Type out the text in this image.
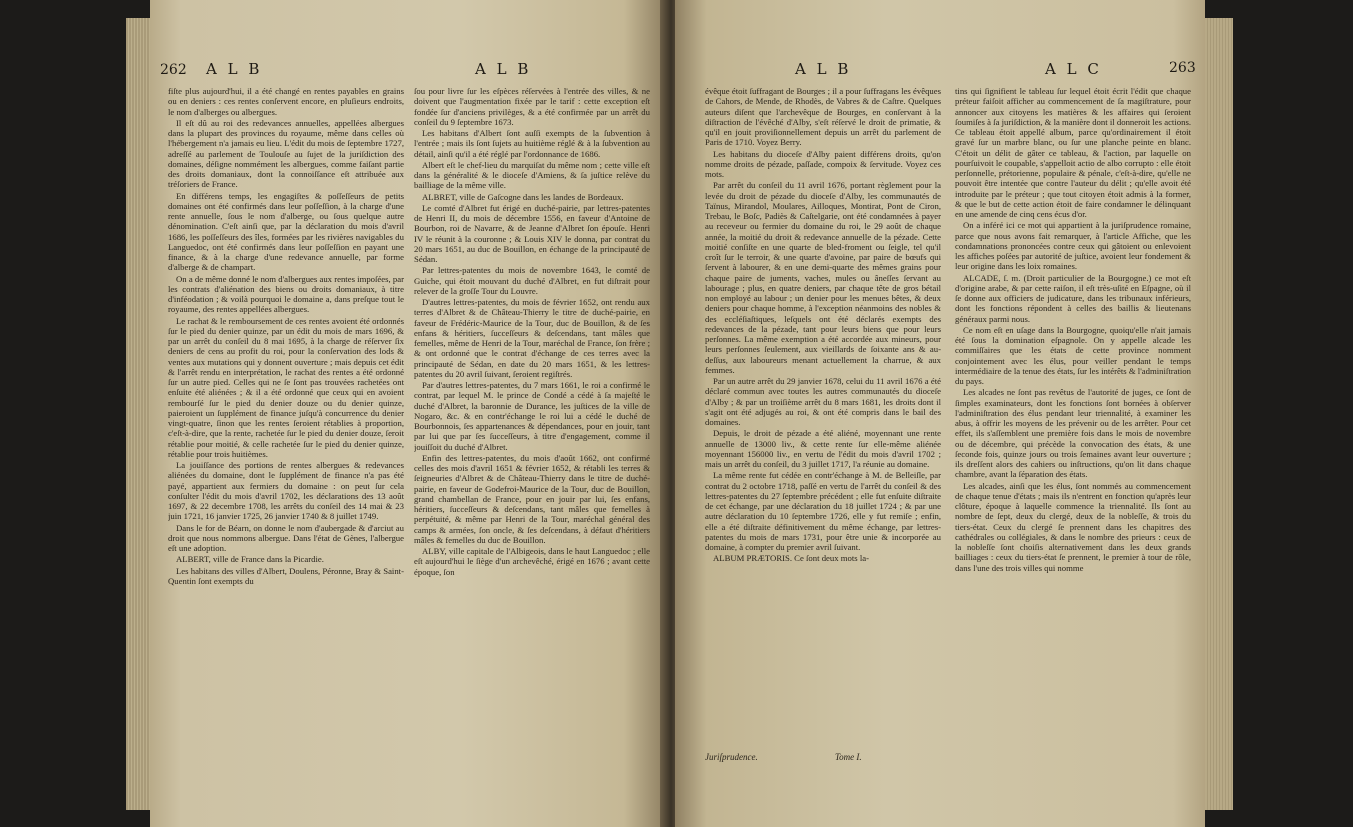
262 A L B	A L B

fiſte plus aujourd'hui, il a été changé en rentes payables en grains ou en deniers : ces rentes conſervent encore, en pluſieurs endroits, le nom d'alberges ou albergues.

Il eſt dû au roi des redevances annuelles, appellées albergues dans la plupart des provinces du royaume, même dans celles où l'hébergement n'a jamais eu lieu. L'édit du mois de ſeptembre 1727, adreſſé au parlement de Toulouſe au ſujet de la juriſdiction des domaines, déſigne nommément les albergues, comme faiſant partie des droits domaniaux, dont la connoiſſance eſt attribuée aux tréſoriers de France.

En différens temps, les engagiſtes & poſſeſſeurs de petits domaines ont été confirmés dans leur poſſeſſion, à la charge d'une rente annuelle, ſous le nom d'alberge, ou ſous quelque autre dénomination. C'eſt ainſi que, par la déclaration du mois d'avril 1686, les poſſeſſeurs des îles, formées par les rivières navigables du Languedoc, ont été confirmés dans leur poſſeſſion en payant une finance, & à la charge d'une redevance annuelle, par forme d'alberge & de champart.

On a de même donné le nom d'albergues aux rentes impoſées, par les contrats d'aliénation des biens ou droits domaniaux, à titre d'inféodation ; & voilà pourquoi le domaine a, dans preſque tout le royaume, des rentes appellées albergues.

Le rachat & le remboursement de ces rentes avoient été ordonnés ſur le pied du denier quinze, par un édit du mois de mars 1696, & par un arrêt du conſeil du 8 mai 1695, à la charge de réſerver ſix deniers de cens au profit du roi, pour la conſervation des lods & ventes aux mutations qui y donnent ouverture ; mais depuis cet édit & l'arrêt rendu en interprétation, le rachat des rentes a été ordonné ſur un autre pied. Celles qui ne ſe ſont pas trouvées rachetées ont enſuite été aliénées ; & il a été ordonné que ceux qui en avoient rembourſé ſur le pied du denier douze ou du denier quinze, paieroient un ſupplément de finance juſqu'à concurrence du denier vingt-quatre, ſinon que les rentes ſeroient rétablies à proportion, c'eſt-à-dire, que la rente, rachetée ſur le pied du denier douze, ſeroit rétablie pour moitié, & celle rachetée ſur le pied du denier quinze, rétablie pour trois huitièmes.

La jouiſſance des portions de rentes albergues & redevances aliénées du domaine, dont le ſupplément de finance n'a pas été payé, appartient aux fermiers du domaine : on peut ſur cela conſulter l'édit du mois d'avril 1702, les déclarations des 13 août 1697, & 22 decembre 1708, les arrêts du conſeil des 14 mai & 23 juin 1721, 16 janvier 1725, 26 janvier 1740 & 8 juillet 1749.

Dans le for de Béarn, on donne le nom d'aubergade & d'arciut au droit que nous nommons albergue. Dans l'état de Gènes, l'albergue eſt une adoption.

ALBERT, ville de France dans la Picardie.

Les habitans des villes d'Albert, Doulens, Péronne, Bray & Saint-Quentin ſont exempts du

ſou pour livre ſur les eſpèces réſervées à l'entrée des villes, & ne doivent que l'augmentation fixée par le tarif : cette exception eſt fondée ſur d'anciens privilèges, & a été confirmée par un arrêt du conſeil du 9 ſeptembre 1673.

Les habitans d'Albert ſont auſſi exempts de la ſubvention à l'entrée ; mais ils ſont ſujets au huitième réglé & à la ſubvention au détail, ainſi qu'il a été réglé par l'ordonnance de 1686.

Albert eſt le chef-lieu du marquiſat du même nom ; cette ville eſt dans la généralité & le dioceſe d'Amiens, & ſa juſtice relève du bailliage de la même ville.

ALBRET, ville de Gaſcogne dans les landes de Bordeaux.

Le comté d'Albret fut érigé en duché-pairie, par lettres-patentes de Henri II, du mois de décembre 1556, en faveur d'Antoine de Bourbon, roi de Navarre, & de Jeanne d'Albret ſon épouſe. Henri IV le réunit à la couronne ; & Louis XIV le donna, par contrat du 20 mars 1651, au duc de Bouillon, en échange de la principauté de Sédan.

Par lettres-patentes du mois de novembre 1643, le comté de Guiche, qui étoit mouvant du duché d'Albret, en fut diſtrait pour relever de la groſſe Tour du Louvre.

D'autres lettres-patentes, du mois de février 1652, ont rendu aux terres d'Albret & de Château-Thierry le titre de duché-pairie, en faveur de Frédéric-Maurice de la Tour, duc de Bouillon, & de ſes enfans & héritiers, ſucceſſeurs & deſcendans, tant mâles que femelles, même de Henri de la Tour, maréchal de France, ſon frère ; & ont ordonné que le contrat d'échange de ces terres avec la principauté de Sédan, en date du 20 mars 1651, & les lettres-patentes du 20 avril ſuivant, ſeroient regiſtrés.

Par d'autres lettres-patentes, du 7 mars 1661, le roi a confirmé le contrat, par lequel M. le prince de Condé a cédé à ſa majeſté le duché d'Albret, la baronnie de Durance, les juſtices de la ville de Nogaro, &c. & en contr'échange le roi lui a cédé le duché de Bourbonnois, ſes appartenances & dépendances, pour en jouir, tant par lui que par ſes ſucceſſeurs, à titre d'engagement, comme il jouiſſoit du duché d'Albret.

Enfin des lettres-patentes, du mois d'août 1662, ont confirmé celles des mois d'avril 1651 & février 1652, & rétabli les terres & ſeigneuries d'Albret & de Château-Thierry dans le titre de duché-pairie, en faveur de Godefroi-Maurice de la Tour, duc de Bouillon, grand chambellan de France, pour en jouir par lui, ſes enfans, héritiers, ſucceſſeurs & deſcendans, tant mâles que femelles à perpétuité, & même par Henri de la Tour, maréchal général des camps & armées, ſon oncle, & ſes deſcendans, à défaut d'héritiers mâles & femelles du duc de Bouillon.

ALBY, ville capitale de l'Albigeois, dans le haut Languedoc ; elle eſt aujourd'hui le ſiège d'un archevêché, érigé en 1676 ; avant cette époque, ſon

A L B	A L C	263

évêque étoit ſuffragant de Bourges ; il a pour ſuffragans les évêques de Cahors, de Mende, de Rhodès, de Vabres & de Caſtre. Quelques auteurs diſent que l'archevêque de Bourges, en conſervant à la diſtraction de l'évêché d'Alby, s'eſt réſervé le droit de primatie, & qu'il en jouit proviſionnellement depuis un arrêt du parlement de Paris de 1710. Voyez Berry.

Les habitans du dioceſe d'Alby paient différens droits, qu'on nomme droits de pézade, paſſade, compoix & ſervitude. Voyez ces mots.

Par arrêt du conſeil du 11 avril 1676, portant règlement pour la levée du droit de pézade du dioceſe d'Alby, les communautés de Taïnus, Mirandol, Moulares, Ailloques, Montirat, Pont de Ciron, Trebau, le Boſc, Padiès & Caſtelgarie, ont été condamnées à payer au receveur ou fermier du domaine du roi, le 29 août de chaque année, la moitié du droit & redevance annuelle de la pézade. Cette moitié conſiſte en une quarte de bled-froment ou ſeigle, tel qu'il croît ſur le terroir, & une quarte d'avoine, par paire de bœufs qui ſervent à labourer, & en une demi-quarte des mêmes grains pour chaque paire de juments, vaches, mules ou âneſſes ſervant au labourage ; plus, en quatre deniers, par chaque tête de gros bétail non employé au labour ; un denier pour les menues bêtes, & deux deniers pour chaque homme, à l'exception néanmoins des nobles & des eccléſiaſtiques, leſquels ont été déclarés exempts des redevances de la pézade, tant pour leurs biens que pour leurs perſonnes. La même exemption a été accordée aux mineurs, pour leurs perſonnes ſeulement, aux vieillards de ſoixante ans & au-deſſus, aux laboureurs menant actuellement la charrue, & aux femmes.

Par un autre arrêt du 29 janvier 1678, celui du 11 avril 1676 a été déclaré commun avec toutes les autres communautés du dioceſe d'Alby ; & par un troiſième arrêt du 8 mars 1681, les droits dont il s'agit ont été adjugés au roi, & ont été compris dans le bail des domaines.

Depuis, le droit de pézade a été aliéné, moyennant une rente annuelle de 13000 liv., & cette rente ſur elle-même aliénée moyennant 156000 liv., en vertu de l'édit du mois d'avril 1702 ; mais un arrêt du conſeil, du 3 juillet 1717, l'a réunie au domaine.

La même rente fut cédée en contr'échange à M. de Belleiſle, par contrat du 2 octobre 1718, paſſé en vertu de l'arrêt du conſeil & des lettres-patentes du 27 ſeptembre précédent ; elle fut enſuite diſtraite de cet échange, par une déclaration du 18 juillet 1724 ; & par une autre déclaration du 10 ſeptembre 1726, elle y fut remiſe ; enfin, elle a été diſtraite définitivement du même échange, par lettres-patentes du mois de mars 1731, pour être unie & incorporée au domaine, à compter du premier avril ſuivant.

ALBUM PRÆTORIS. Ce ſont deux mots la-

Juriſprudence.	Tome I.

tins qui ſignifient le tableau ſur lequel étoit écrit l'édit que chaque préteur faiſoit afficher au commencement de ſa magiſtrature, pour annoncer aux citoyens les matières & les affaires qui ſeroient ſoumiſes à ſa juriſdiction, & la manière dont il donneroit les actions. Ce tableau étoit appellé album, parce qu'ordinairement il étoit gravé ſur un marbre blanc, ou ſur une planche peinte en blanc. C'étoit un délit de gâter ce tableau, & l'action, par laquelle on pourſuivoit le coupable, s'appelloit actio de albo corrupto : elle étoit perſonnelle, prétorienne, populaire & pénale, c'eſt-à-dire, qu'elle ne pouvoit être intentée que contre l'auteur du délit ; qu'elle avoit été introduite par le préteur ; que tout citoyen étoit admis à la former, & que le but de cette action étoit de faire condamner le délinquant en une amende de cinq cens écus d'or.

On a inféré ici ce mot qui appartient à la juriſprudence romaine, parce que nous avons fait remarquer, à l'article Affiche, que les condamnations prononcées contre ceux qui gâtoient ou enlevoient les affiches poſées par autorité de juſtice, avoient leur fondement & leur origine dans les loix romaines.

ALCADE, ſ. m. (Droit particulier de la Bourgogne.) ce mot eſt d'origine arabe, & par cette raiſon, il eſt très-uſité en Eſpagne, où il ſe donne aux officiers de judicature, dans les tribunaux inférieurs, dont les fonctions répondent à celles des baillis & lieutenans généraux parmi nous.

Ce nom eſt en uſage dans la Bourgogne, quoiqu'elle n'ait jamais été ſous la domination eſpagnole. On y appelle alcade les commiſſaires que les états de cette province nomment conjointement avec les élus, pour veiller pendant le temps intermédiaire de la tenue des états, ſur les intérêts & l'adminiſtration du pays.

Les alcades ne ſont pas revêtus de l'autorité de juges, ce ſont de ſimples examinateurs, dont les fonctions ſont bornées à obſerver l'adminiſtration des élus pendant leur triennalité, à examiner les abus, à offrir les moyens de les prévenir ou de les arrêter. Pour cet effet, ils s'aſſemblent une première fois dans le mois de novembre ou de décembre, qui précède la convocation des états, & une ſeconde fois, quinze jours ou trois ſemaines avant leur ouverture ; ils dreſſent alors des cahiers ou inſtructions, qu'on lit dans chaque chambre, avant la ſéparation des états.

Les alcades, ainſi que les élus, ſont nommés au commencement de chaque tenue d'états ; mais ils n'entrent en fonction qu'après leur clôture, époque à laquelle commence la triennalité. Ils ſont au nombre de ſept, deux du clergé, deux de la nobleſſe, & trois du tiers-état. Ceux du clergé ſe prennent dans les chapitres des cathédrales ou collégiales, & dans le nombre des prieurs : ceux de la nobleſſe ſont choiſis alternativement dans les deux grands bailliages : ceux du tiers-état ſe prennent, le premier à tour de rôle, dans l'une des trois villes qui nomme
